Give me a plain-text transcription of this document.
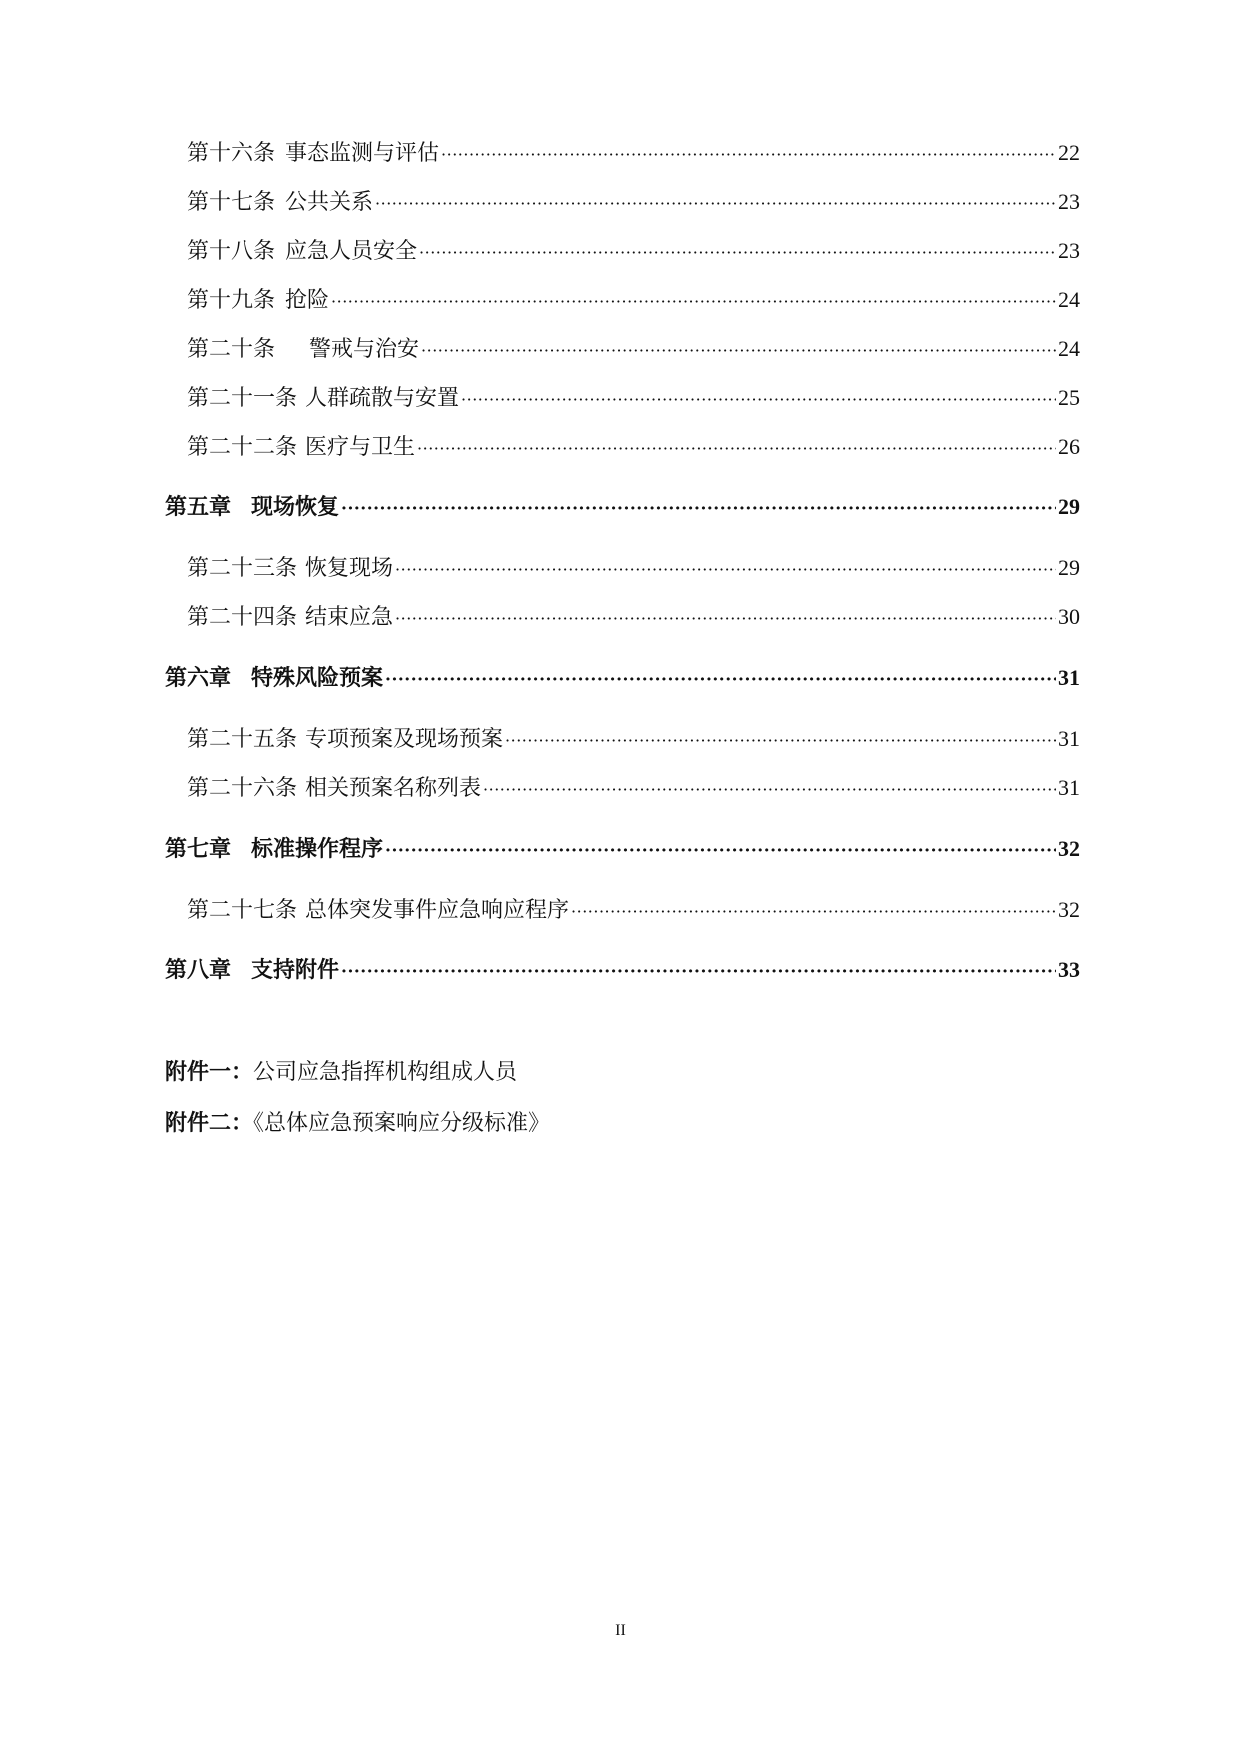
第十六条 事态监测与评估 ·····	22
第十七条 公共关系 ·····	23
第十八条 应急人员安全 ·····	23
第十九条 抢险 ·····	24
第二十条 警戒与治安 ·····	24
第二十一条 人群疏散与安置 ·····	25
第二十二条 医疗与卫生 ·····	26
第五章 现场恢复 ·····	29
第二十三条 恢复现场 ·····	29
第二十四条 结束应急 ·····	30
第六章 特殊风险预案 ·····	31
第二十五条 专项预案及现场预案 ·····	31
第二十六条 相关预案名称列表 ·····	31
第七章 标准操作程序 ·····	32
第二十七条 总体突发事件应急响应程序 ·····	32
第八章 支持附件 ·····	33
附件一：公司应急指挥机构组成人员
附件二：《总体应急预案响应分级标准》
II
